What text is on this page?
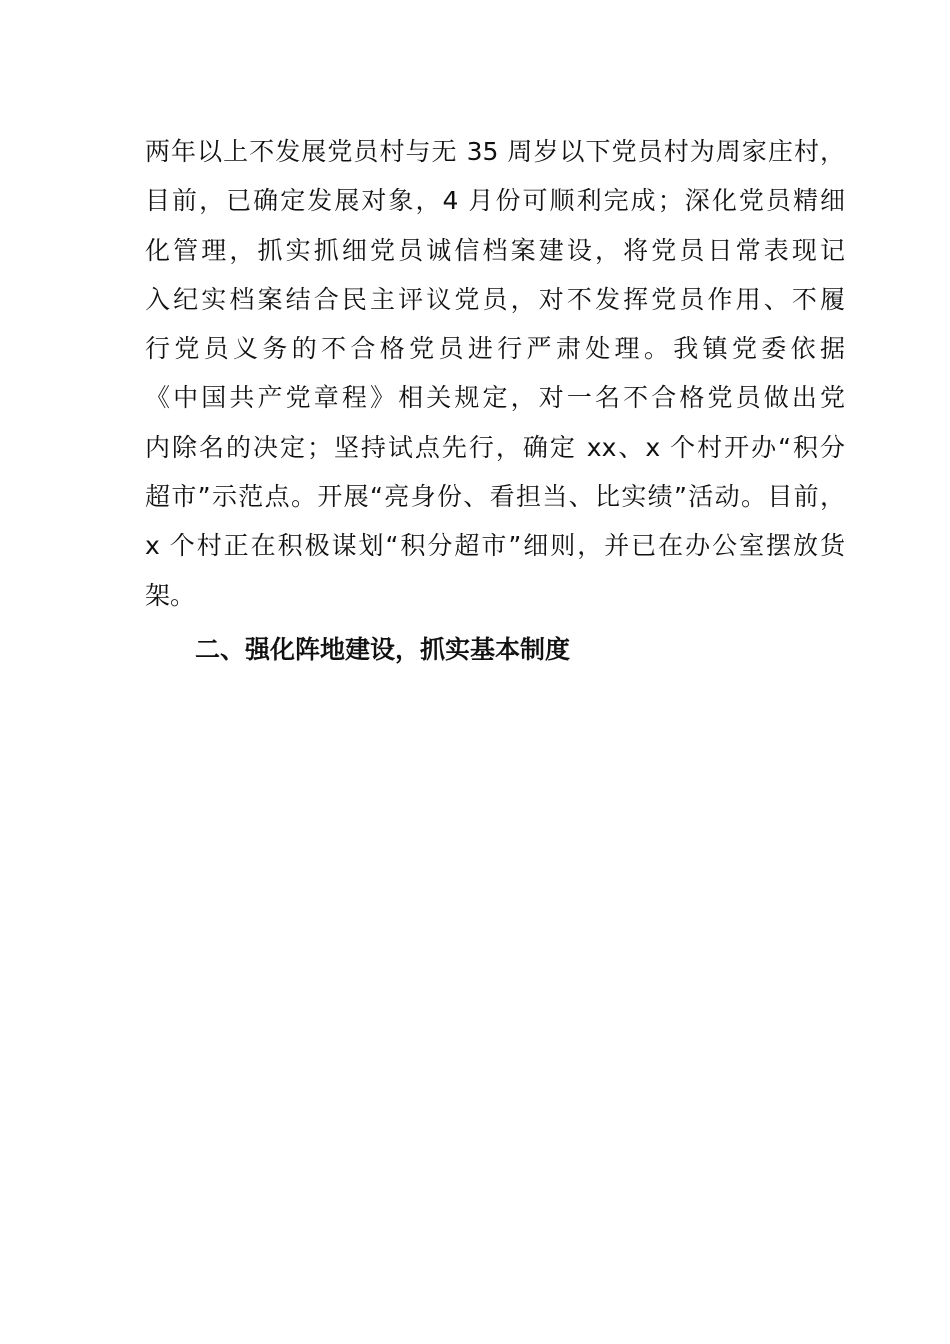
两年以上不发展党员村与无 35 周岁以下党员村为周家庄村，
目前，已确定发展对象，4 月份可顺利完成；深化党员精细
化管理，抓实抓细党员诚信档案建设，将党员日常表现记
入纪实档案结合民主评议党员，对不发挥党员作用、不履
行党员义务的不合格党员进行严肃处理。我镇党委依据
《中国共产党章程》相关规定，对一名不合格党员做出党
内除名的决定；坚持试点先行，确定 xx、x 个村开办“积分
超市”示范点。开展“亮身份、看担当、比实绩”活动。目前，
x 个村正在积极谋划“积分超市”细则，并已在办公室摆放货
架。
二、强化阵地建设，抓实基本制度
